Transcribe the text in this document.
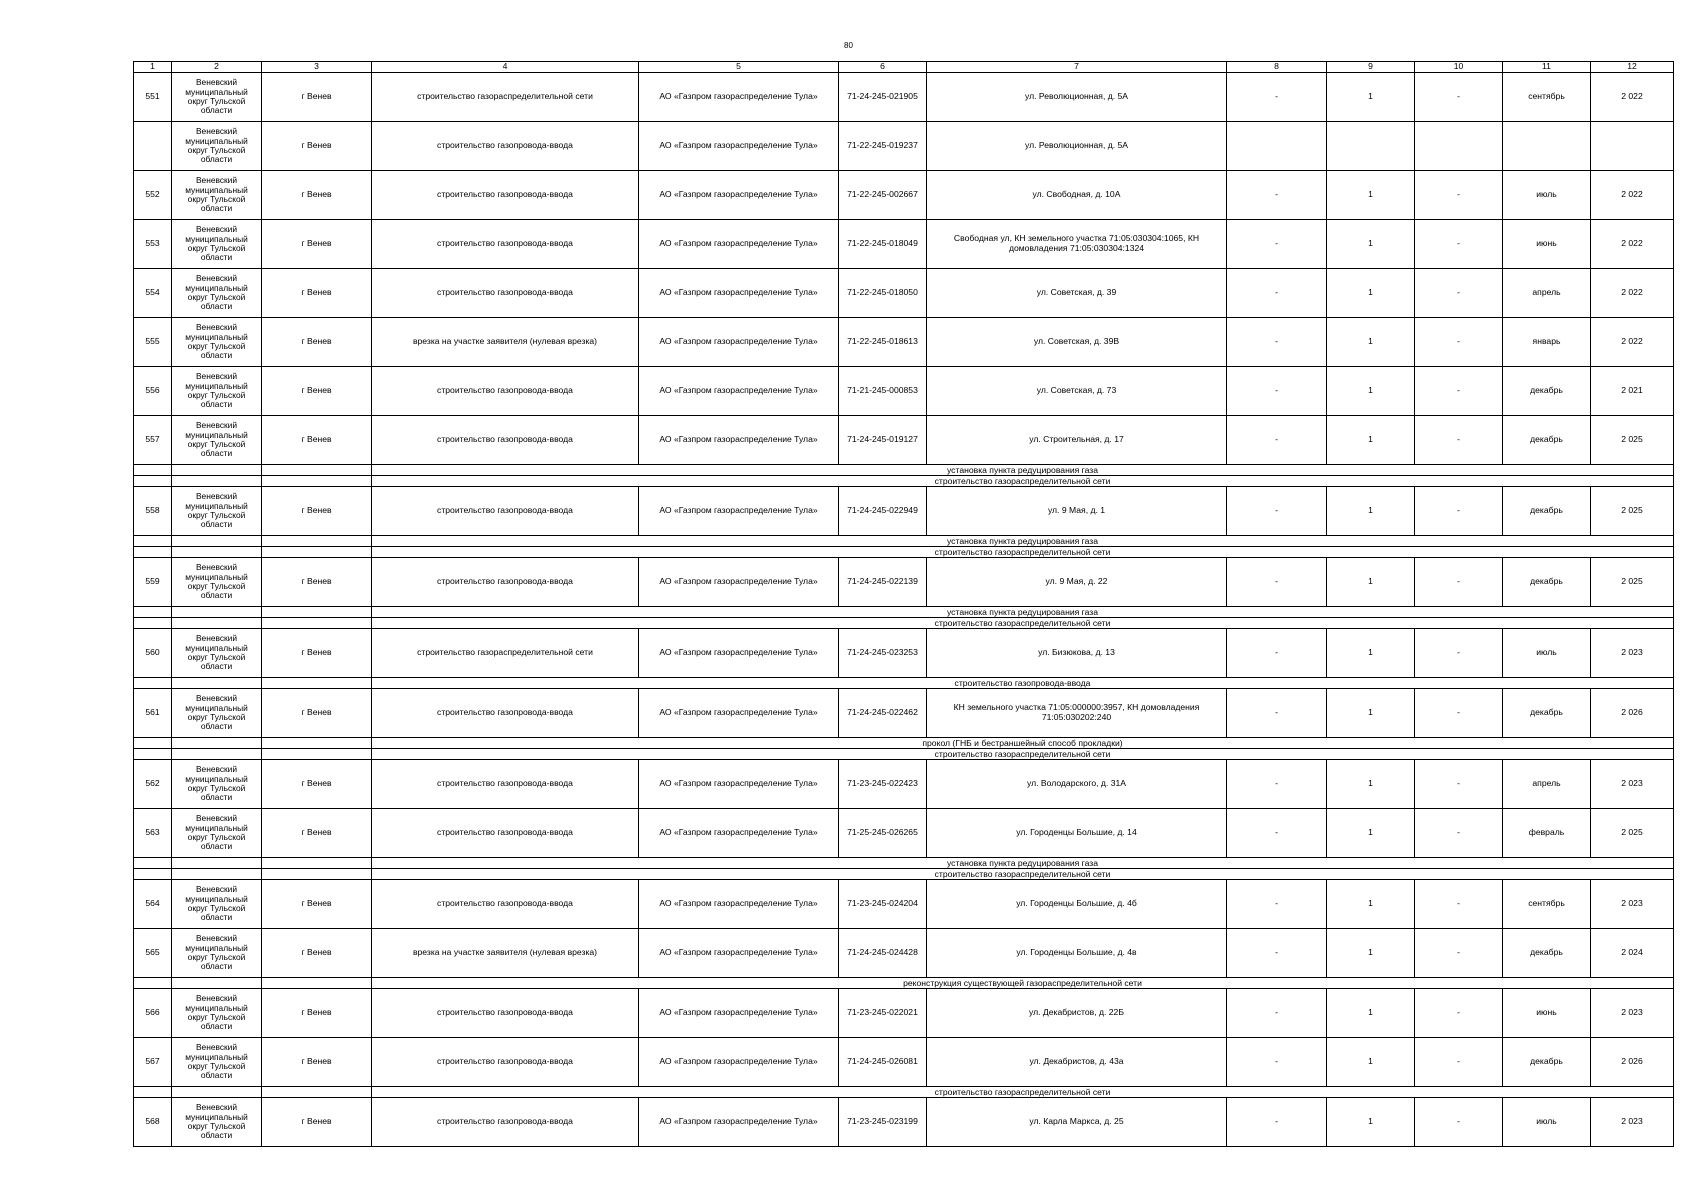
80
1	2	3	4	5	6	7	8	9	10	11	12
551	Веневский муниципальный округ Тульской области	г Венев	строительство газораспределительной сети	АО «Газпром газораспределение Тула»	71-24-245-021905	ул. Революционная, д. 5А	-	1	-	сентябрь	2 022
	Веневский муниципальный округ Тульской области	г Венев	строительство газопровода-ввода	АО «Газпром газораспределение Тула»	71-22-245-019237	ул. Революционная, д. 5А					
552	Веневский муниципальный округ Тульской области	г Венев	строительство газопровода-ввода	АО «Газпром газораспределение Тула»	71-22-245-002667	ул. Свободная, д. 10А	-	1	-	июль	2 022
553	Веневский муниципальный округ Тульской области	г Венев	строительство газопровода-ввода	АО «Газпром газораспределение Тула»	71-22-245-018049	Свободная ул, КН земельного участка 71:05:030304:1065, КН домовладения 71:05:030304:1324	-	1	-	июнь	2 022
554	Веневский муниципальный округ Тульской области	г Венев	строительство газопровода-ввода	АО «Газпром газораспределение Тула»	71-22-245-018050	ул. Советская, д. 39	-	1	-	апрель	2 022
555	Веневский муниципальный округ Тульской области	г Венев	врезка на участке заявителя (нулевая врезка)	АО «Газпром газораспределение Тула»	71-22-245-018613	ул. Советская, д. 39В	-	1	-	январь	2 022
556	Веневский муниципальный округ Тульской области	г Венев	строительство газопровода-ввода	АО «Газпром газораспределение Тула»	71-21-245-000853	ул. Советская, д. 73	-	1	-	декабрь	2 021
557	Веневский муниципальный округ Тульской области	г Венев	строительство газопровода-ввода	АО «Газпром газораспределение Тула»	71-24-245-019127	ул. Строительная, д. 17	-	1	-	декабрь	2 025
			установка пункта редуцирования газа								
			строительство газораспределительной сети								
558	Веневский муниципальный округ Тульской области	г Венев	строительство газопровода-ввода	АО «Газпром газораспределение Тула»	71-24-245-022949	ул. 9 Мая, д. 1	-	1	-	декабрь	2 025
			установка пункта редуцирования газа								
			строительство газораспределительной сети								
559	Веневский муниципальный округ Тульской области	г Венев	строительство газопровода-ввода	АО «Газпром газораспределение Тула»	71-24-245-022139	ул. 9 Мая, д. 22	-	1	-	декабрь	2 025
			установка пункта редуцирования газа								
			строительство газораспределительной сети								
560	Веневский муниципальный округ Тульской области	г Венев	строительство газораспределительной сети	АО «Газпром газораспределение Тула»	71-24-245-023253	ул. Бизюкова, д. 13	-	1	-	июль	2 023
			строительство газопровода-ввода								
561	Веневский муниципальный округ Тульской области	г Венев	строительство газопровода-ввода	АО «Газпром газораспределение Тула»	71-24-245-022462	КН земельного участка 71:05:000000:3957, КН домовладения 71:05:030202:240	-	1	-	декабрь	2 026
			прокол (ГНБ и бестраншейный способ прокладки)								
			строительство газораспределительной сети								
562	Веневский муниципальный округ Тульской области	г Венев	строительство газопровода-ввода	АО «Газпром газораспределение Тула»	71-23-245-022423	ул. Володарского, д. 31А	-	1	-	апрель	2 023
563	Веневский муниципальный округ Тульской области	г Венев	строительство газопровода-ввода	АО «Газпром газораспределение Тула»	71-25-245-026265	ул. Городенцы Большие, д. 14	-	1	-	февраль	2 025
			установка пункта редуцирования газа								
			строительство газораспределительной сети								
564	Веневский муниципальный округ Тульской области	г Венев	строительство газопровода-ввода	АО «Газпром газораспределение Тула»	71-23-245-024204	ул. Городенцы Большие, д. 4б	-	1	-	сентябрь	2 023
565	Веневский муниципальный округ Тульской области	г Венев	врезка на участке заявителя (нулевая врезка)	АО «Газпром газораспределение Тула»	71-24-245-024428	ул. Городенцы Большие, д. 4в	-	1	-	декабрь	2 024
			реконструкция существующей газораспределительной сети								
566	Веневский муниципальный округ Тульской области	г Венев	строительство газопровода-ввода	АО «Газпром газораспределение Тула»	71-23-245-022021	ул. Декабристов, д. 22Б	-	1	-	июнь	2 023
567	Веневский муниципальный округ Тульской области	г Венев	строительство газопровода-ввода	АО «Газпром газораспределение Тула»	71-24-245-026081	ул. Декабристов, д. 43а	-	1	-	декабрь	2 026
			строительство газораспределительной сети								
568	Веневский муниципальный округ Тульской области	г Венев	строительство газопровода-ввода	АО «Газпром газораспределение Тула»	71-23-245-023199	ул. Карла Маркса, д. 25	-	1	-	июль	2 023
